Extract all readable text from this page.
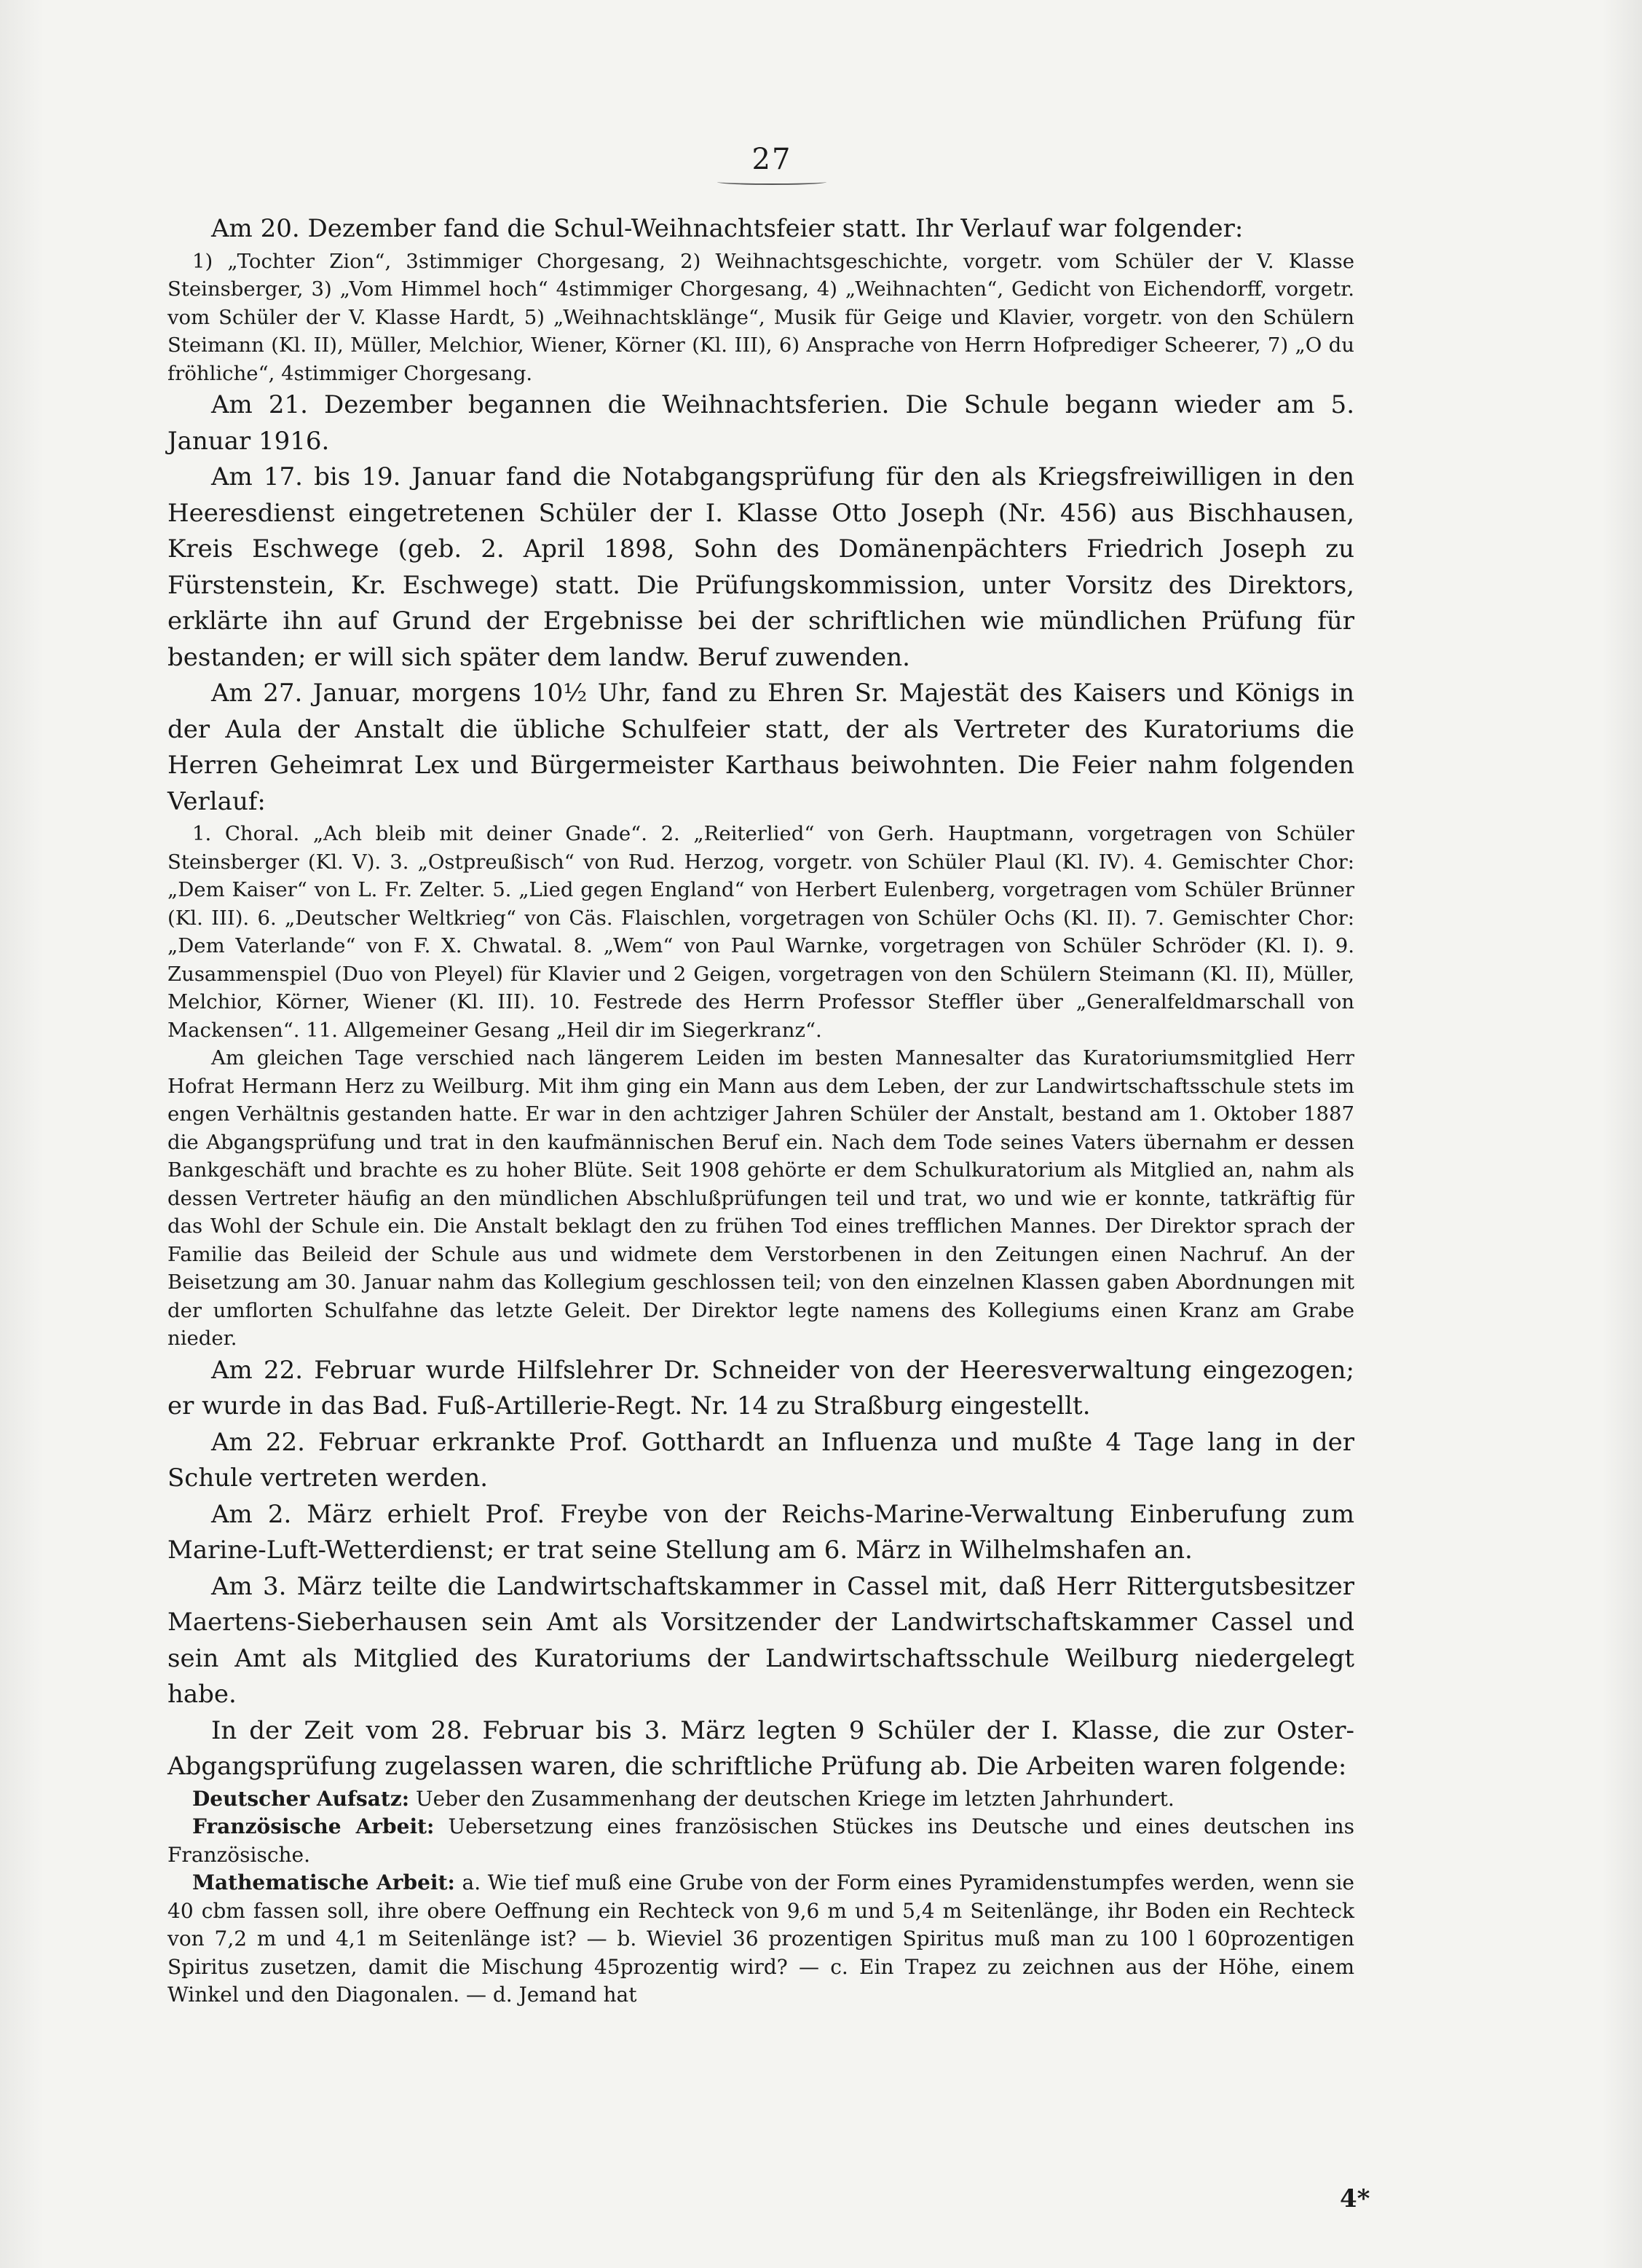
27

Am 20. Dezember fand die Schul-Weihnachtsfeier statt. Ihr Verlauf war folgender:

1) „Tochter Zion“, 3stimmiger Chorgesang, 2) Weihnachtsgeschichte, vorgetr. vom Schüler der V. Klasse Steinsberger, 3) „Vom Himmel hoch“ 4stimmiger Chorgesang, 4) „Weihnachten“, Gedicht von Eichendorff, vorgetr. vom Schüler der V. Klasse Hardt, 5) „Weihnachtsklänge“, Musik für Geige und Klavier, vorgetr. von den Schülern Steimann (Kl. II), Müller, Melchior, Wiener, Körner (Kl. III), 6) Ansprache von Herrn Hofprediger Scheerer, 7) „O du fröhliche“, 4stimmiger Chorgesang.

Am 21. Dezember begannen die Weihnachtsferien. Die Schule begann wieder am 5. Januar 1916.

Am 17. bis 19. Januar fand die Notabgangsprüfung für den als Kriegsfreiwilligen in den Heeresdienst eingetretenen Schüler der I. Klasse Otto Joseph (Nr. 456) aus Bischhausen, Kreis Eschwege (geb. 2. April 1898, Sohn des Domänenpächters Friedrich Joseph zu Fürstenstein, Kr. Eschwege) statt. Die Prüfungskommission, unter Vorsitz des Direktors, erklärte ihn auf Grund der Ergebnisse bei der schriftlichen wie mündlichen Prüfung für bestanden; er will sich später dem landw. Beruf zuwenden.

Am 27. Januar, morgens 10½ Uhr, fand zu Ehren Sr. Majestät des Kaisers und Königs in der Aula der Anstalt die übliche Schulfeier statt, der als Vertreter des Kuratoriums die Herren Geheimrat Lex und Bürgermeister Karthaus beiwohnten. Die Feier nahm folgenden Verlauf:

1. Choral. „Ach bleib mit deiner Gnade“. 2. „Reiterlied“ von Gerh. Hauptmann, vorgetragen von Schüler Steinsberger (Kl. V). 3. „Ostpreußisch“ von Rud. Herzog, vorgetr. von Schüler Plaul (Kl. IV). 4. Gemischter Chor: „Dem Kaiser“ von L. Fr. Zelter. 5. „Lied gegen England“ von Herbert Eulenberg, vorgetragen vom Schüler Brünner (Kl. III). 6. „Deutscher Weltkrieg“ von Cäs. Flaischlen, vorgetragen von Schüler Ochs (Kl. II). 7. Gemischter Chor: „Dem Vaterlande“ von F. X. Chwatal. 8. „Wem“ von Paul Warnke, vorgetragen von Schüler Schröder (Kl. I). 9. Zusammenspiel (Duo von Pleyel) für Klavier und 2 Geigen, vorgetragen von den Schülern Steimann (Kl. II), Müller, Melchior, Körner, Wiener (Kl. III). 10. Festrede des Herrn Professor Steffler über „Generalfeldmarschall von Mackensen“. 11. Allgemeiner Gesang „Heil dir im Siegerkranz“.

Am gleichen Tage verschied nach längerem Leiden im besten Mannesalter das Kuratoriumsmitglied Herr Hofrat Hermann Herz zu Weilburg. Mit ihm ging ein Mann aus dem Leben, der zur Landwirtschaftsschule stets im engen Verhältnis gestanden hatte. Er war in den achtziger Jahren Schüler der Anstalt, bestand am 1. Oktober 1887 die Abgangsprüfung und trat in den kaufmännischen Beruf ein. Nach dem Tode seines Vaters übernahm er dessen Bankgeschäft und brachte es zu hoher Blüte. Seit 1908 gehörte er dem Schulkuratorium als Mitglied an, nahm als dessen Vertreter häufig an den mündlichen Abschlußprüfungen teil und trat, wo und wie er konnte, tatkräftig für das Wohl der Schule ein. Die Anstalt beklagt den zu frühen Tod eines trefflichen Mannes. Der Direktor sprach der Familie das Beileid der Schule aus und widmete dem Verstorbenen in den Zeitungen einen Nachruf. An der Beisetzung am 30. Januar nahm das Kollegium geschlossen teil; von den einzelnen Klassen gaben Abordnungen mit der umflorten Schulfahne das letzte Geleit. Der Direktor legte namens des Kollegiums einen Kranz am Grabe nieder.

Am 22. Februar wurde Hilfslehrer Dr. Schneider von der Heeresverwaltung eingezogen; er wurde in das Bad. Fuß-Artillerie-Regt. Nr. 14 zu Straßburg eingestellt.

Am 22. Februar erkrankte Prof. Gotthardt an Influenza und mußte 4 Tage lang in der Schule vertreten werden.

Am 2. März erhielt Prof. Freybe von der Reichs-Marine-Verwaltung Einberufung zum Marine-Luft-Wetterdienst; er trat seine Stellung am 6. März in Wilhelmshafen an.

Am 3. März teilte die Landwirtschaftskammer in Cassel mit, daß Herr Rittergutsbesitzer Maertens-Sieberhausen sein Amt als Vorsitzender der Landwirtschaftskammer Cassel und sein Amt als Mitglied des Kuratoriums der Landwirtschaftsschule Weilburg niedergelegt habe.

In der Zeit vom 28. Februar bis 3. März legten 9 Schüler der I. Klasse, die zur Oster-Abgangsprüfung zugelassen waren, die schriftliche Prüfung ab. Die Arbeiten waren folgende:

Deutscher Aufsatz: Ueber den Zusammenhang der deutschen Kriege im letzten Jahrhundert.

Französische Arbeit: Uebersetzung eines französischen Stückes ins Deutsche und eines deutschen ins Französische.

Mathematische Arbeit: a. Wie tief muß eine Grube von der Form eines Pyramidenstumpfes werden, wenn sie 40 cbm fassen soll, ihre obere Oeffnung ein Rechteck von 9,6 m und 5,4 m Seitenlänge, ihr Boden ein Rechteck von 7,2 m und 4,1 m Seitenlänge ist? — b. Wieviel 36 prozentigen Spiritus muß man zu 100 l 60prozentigen Spiritus zusetzen, damit die Mischung 45prozentig wird? — c. Ein Trapez zu zeichnen aus der Höhe, einem Winkel und den Diagonalen. — d. Jemand hat

4*
